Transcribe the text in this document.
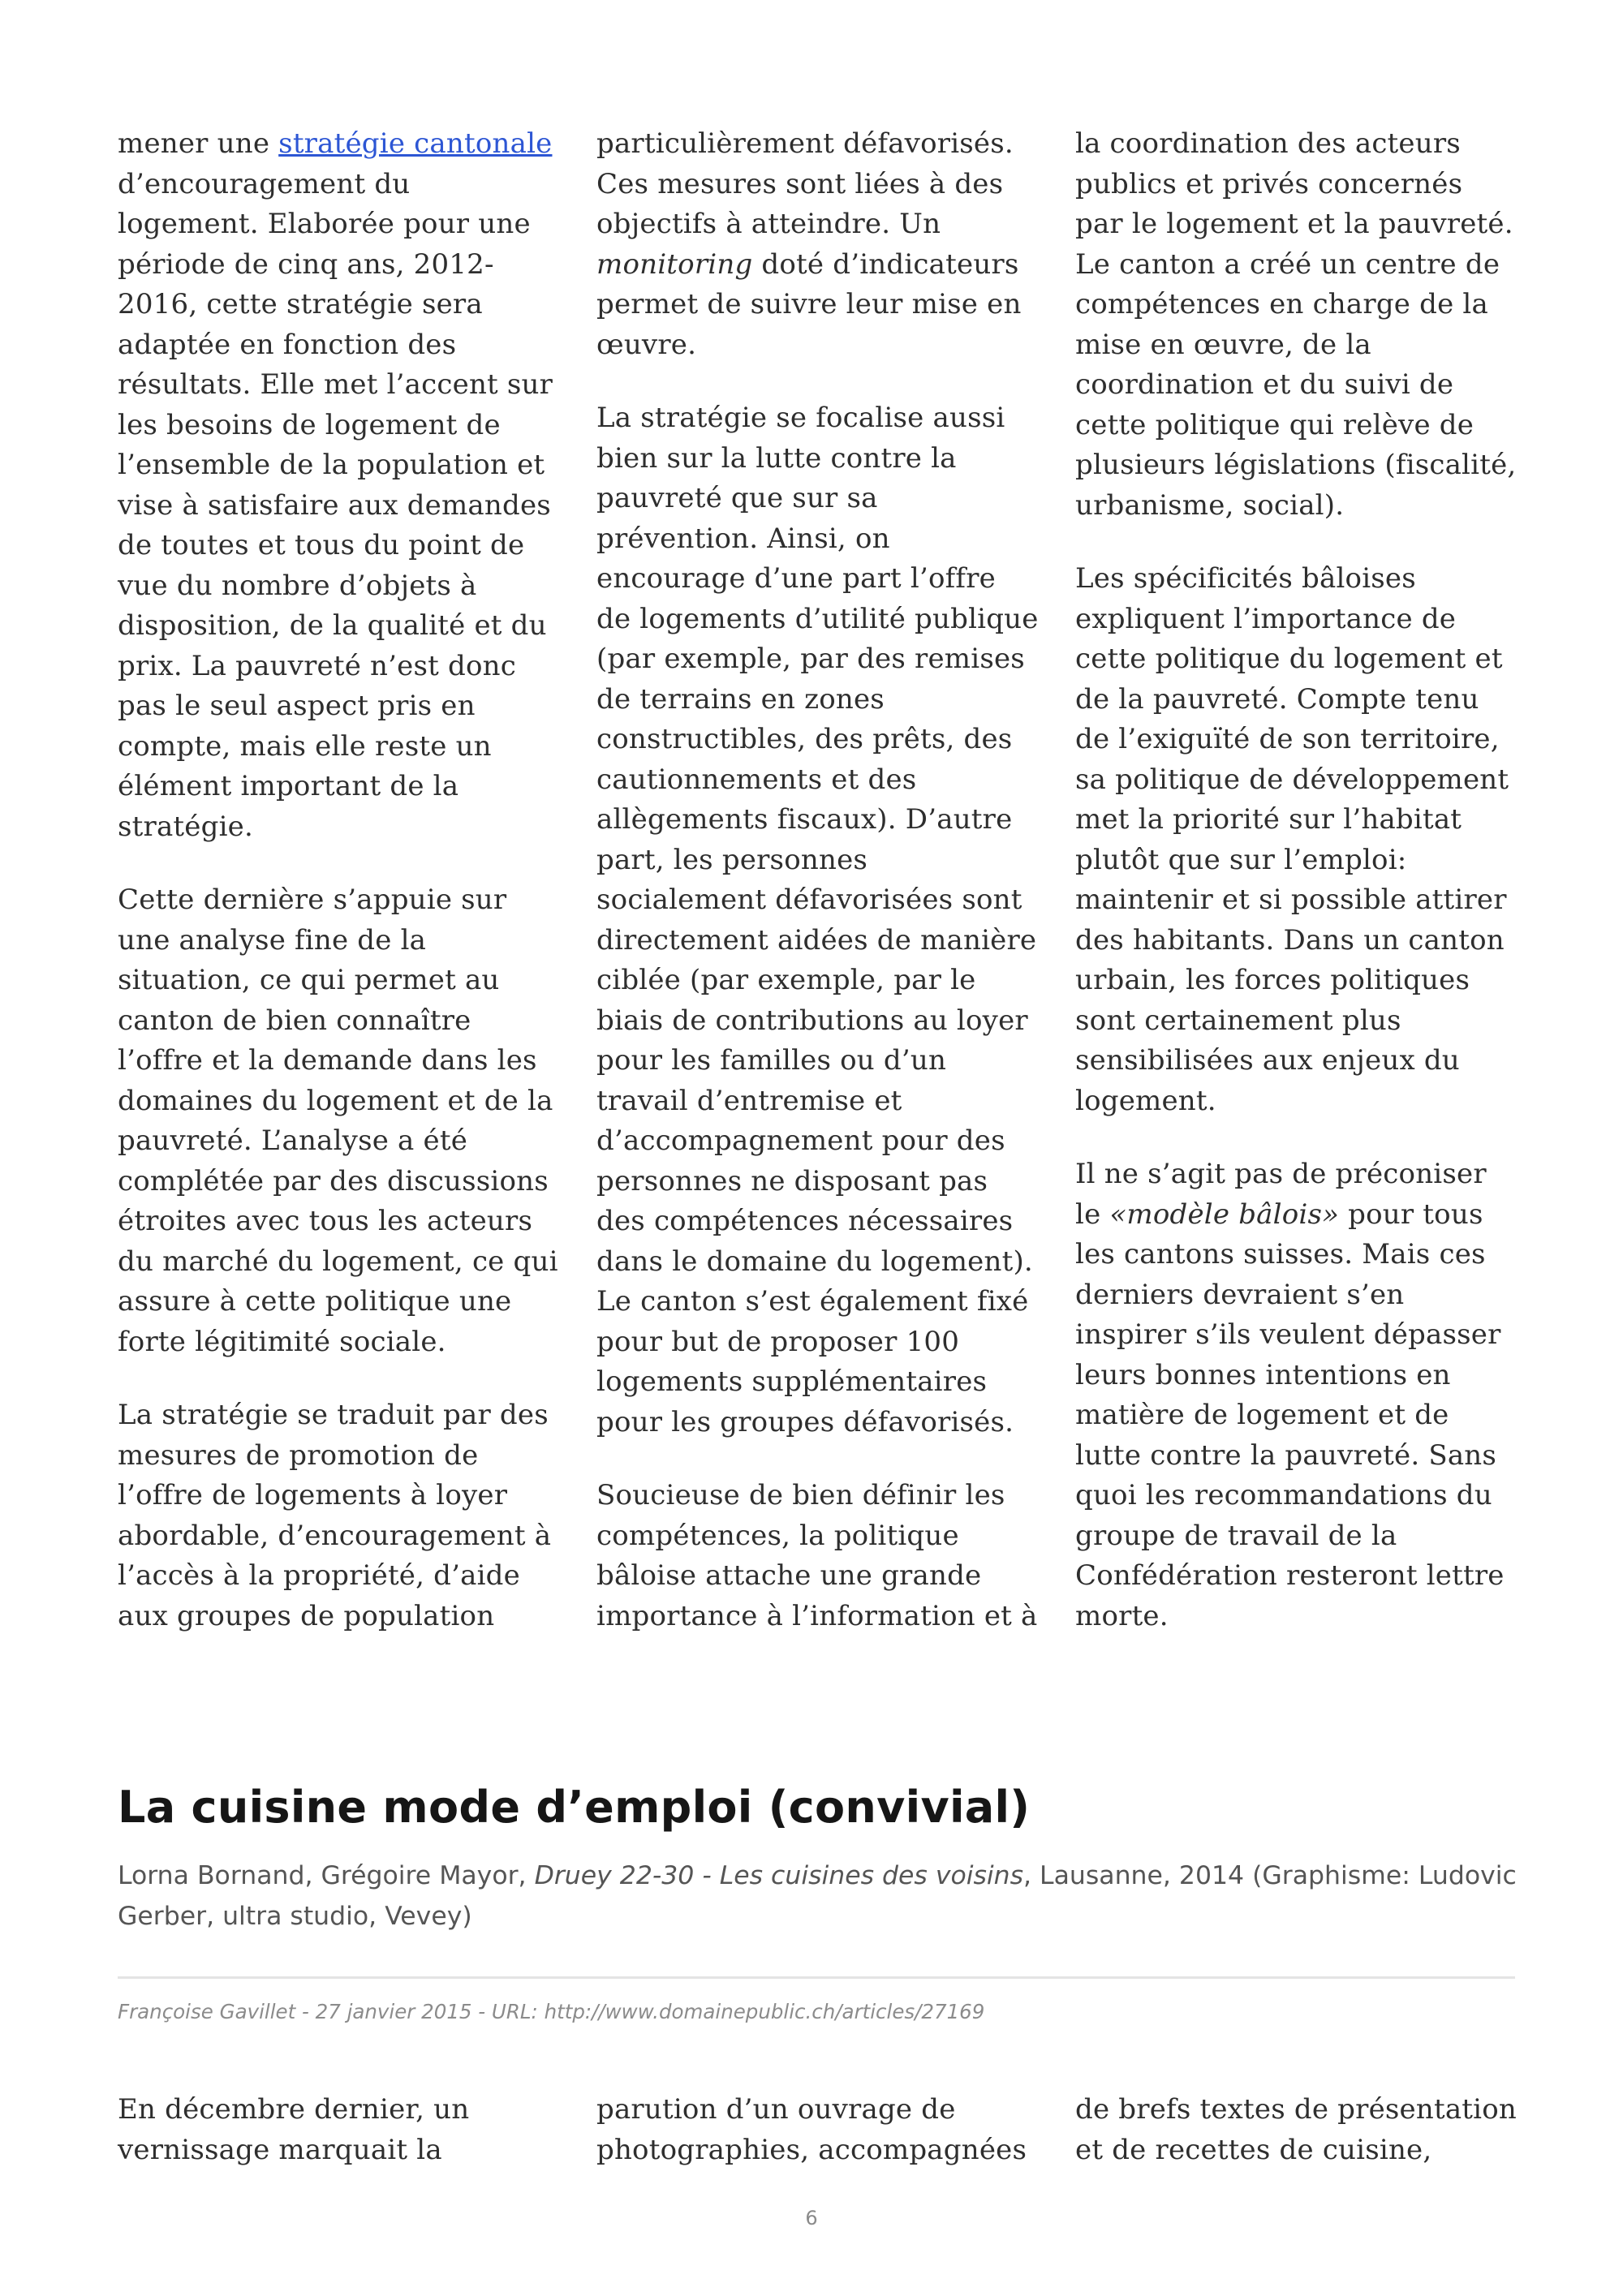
mener une stratégie cantonale d’encouragement du logement. Elaborée pour une période de cinq ans, 2012-2016, cette stratégie sera adaptée en fonction des résultats. Elle met l’accent sur les besoins de logement de l’ensemble de la population et vise à satisfaire aux demandes de toutes et tous du point de vue du nombre d’objets à disposition, de la qualité et du prix. La pauvreté n’est donc pas le seul aspect pris en compte, mais elle reste un élément important de la stratégie.

Cette dernière s’appuie sur une analyse fine de la situation, ce qui permet au canton de bien connaître l’offre et la demande dans les domaines du logement et de la pauvreté. L’analyse a été complétée par des discussions étroites avec tous les acteurs du marché du logement, ce qui assure à cette politique une forte légitimité sociale.

La stratégie se traduit par des mesures de promotion de l’offre de logements à loyer abordable, d’encouragement à l’accès à la propriété, d’aide aux groupes de population

particulièrement défavorisés. Ces mesures sont liées à des objectifs à atteindre. Un monitoring doté d’indicateurs permet de suivre leur mise en œuvre.

La stratégie se focalise aussi bien sur la lutte contre la pauvreté que sur sa prévention. Ainsi, on encourage d’une part l’offre de logements d’utilité publique (par exemple, par des remises de terrains en zones constructibles, des prêts, des cautionnements et des allègements fiscaux). D’autre part, les personnes socialement défavorisées sont directement aidées de manière ciblée (par exemple, par le biais de contributions au loyer pour les familles ou d’un travail d’entremise et d’accompagnement pour des personnes ne disposant pas des compétences nécessaires dans le domaine du logement). Le canton s’est également fixé pour but de proposer 100 logements supplémentaires pour les groupes défavorisés.

Soucieuse de bien définir les compétences, la politique bâloise attache une grande importance à l’information et à

la coordination des acteurs publics et privés concernés par le logement et la pauvreté. Le canton a créé un centre de compétences en charge de la mise en œuvre, de la coordination et du suivi de cette politique qui relève de plusieurs législations (fiscalité, urbanisme, social).

Les spécificités bâloises expliquent l’importance de cette politique du logement et de la pauvreté. Compte tenu de l’exiguïté de son territoire, sa politique de développement met la priorité sur l’habitat plutôt que sur l’emploi: maintenir et si possible attirer des habitants. Dans un canton urbain, les forces politiques sont certainement plus sensibilisées aux enjeux du logement.

Il ne s’agit pas de préconiser le «modèle bâlois» pour tous les cantons suisses. Mais ces derniers devraient s’en inspirer s’ils veulent dépasser leurs bonnes intentions en matière de logement et de lutte contre la pauvreté. Sans quoi les recommandations du groupe de travail de la Confédération resteront lettre morte.

La cuisine mode d’emploi (convivial)

Lorna Bornand, Grégoire Mayor, Druey 22-30 - Les cuisines des voisins, Lausanne, 2014 (Graphisme: Ludovic Gerber, ultra studio, Vevey)

Françoise Gavillet - 27 janvier 2015 - URL: http://www.domainepublic.ch/articles/27169

En décembre dernier, un vernissage marquait la

parution d’un ouvrage de photographies, accompagnées

de brefs textes de présentation et de recettes de cuisine,

6
